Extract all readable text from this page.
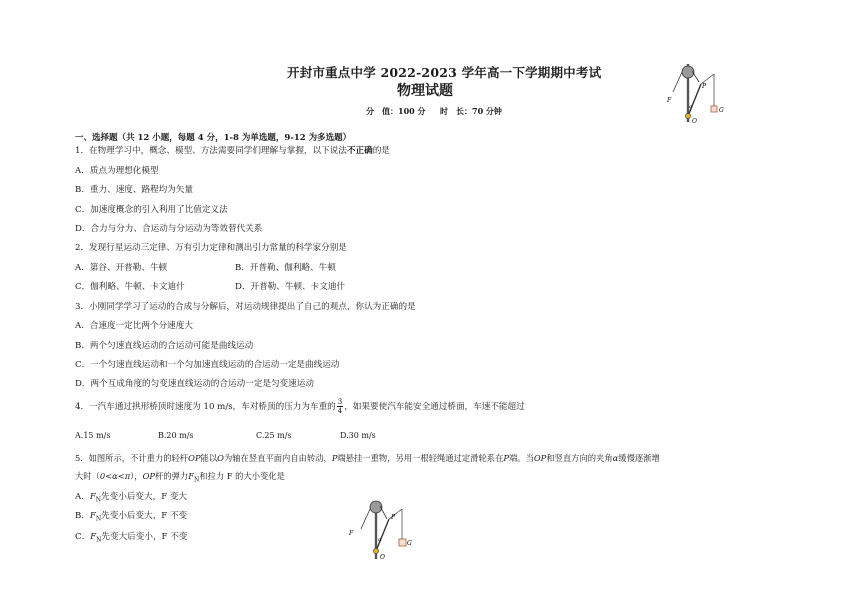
开封市重点中学 2022-2023 学年高一下学期期中考试
物理试题
分　值：100 分 时　长：70 分钟
F
P
G
O
α
一、选择题（共 12 小题，每题 4 分，1-8 为单选题，9-12 为多选题）
1．在物理学习中，概念、模型、方法需要同学们理解与掌握，以下说法不正确的是
A．质点为理想化模型
B．重力、速度、路程均为矢量
C．加速度概念的引入利用了比值定义法
D．合力与分力、合运动与分运动为等效替代关系
2．发现行星运动三定律、万有引力定律和测出引力常量的科学家分别是
A．第谷、开普勒、牛顿	B．开普勒、伽利略、牛顿
C．伽利略、牛顿、卡文迪什	D．开普勒、牛顿、卡文迪什
3．小刚同学学习了运动的合成与分解后，对运动规律提出了自己的观点，你认为正确的是
A．合速度一定比两个分速度大
B．两个匀速直线运动的合运动可能是曲线运动
C．一个匀速直线运动和一个匀加速直线运动的合运动一定是曲线运动
D．两个互成角度的匀变速直线运动的合运动一定是匀变速运动
4．一汽车通过拱形桥顶时速度为 10 m/s，车对桥顶的压力为车重的 $\frac{3}{4}$ ，如果要使汽车能安全通过桥面，车速不能超过
A.15 m/s	B.20 m/s	C.25 m/s	D.30 m/s
5．如图所示，不计重力的轻杆OP能以O为轴在竖直平面内自由转动，P端悬挂一重物，另用一根轻绳通过定滑轮系在P端。当OP和竖直方向的夹角α缓慢逐渐增
大时（0<α<π），OP杆的弹力$F_N$和拉力 F 的大小变化是
A．$F_N$先变小后变大，F 变大
B．$F_N$先变小后变大，F 不变
C．$F_N$先变大后变小，F 不变	F
P
G
O
α
